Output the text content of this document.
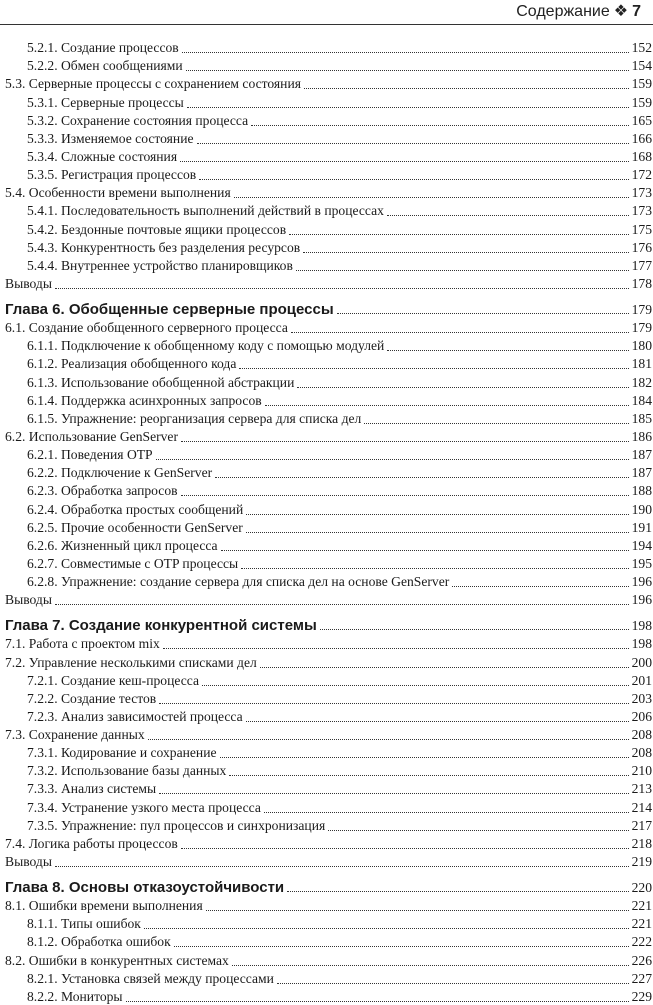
Содержание ❖ 7
5.2.1. Создание процессов	152
5.2.2. Обмен сообщениями	154
5.3. Серверные процессы с сохранением состояния	159
5.3.1. Серверные процессы	159
5.3.2. Сохранение состояния процесса	165
5.3.3. Изменяемое состояние	166
5.3.4. Сложные состояния	168
5.3.5. Регистрация процессов	172
5.4. Особенности времени выполнения	173
5.4.1. Последовательность выполнений действий в процессах	173
5.4.2. Бездонные почтовые ящики процессов	175
5.4.3. Конкурентность без разделения ресурсов	176
5.4.4. Внутреннее устройство планировщиков	177
Выводы	178
Глава 6. Обобщенные серверные процессы	179
6.1. Создание обобщенного серверного процесса	179
6.1.1. Подключение к обобщенному коду с помощью модулей	180
6.1.2. Реализация обобщенного кода	181
6.1.3. Использование обобщенной абстракции	182
6.1.4. Поддержка асинхронных запросов	184
6.1.5. Упражнение: реорганизация сервера для списка дел	185
6.2. Использование GenServer	186
6.2.1. Поведения OTP	187
6.2.2. Подключение к GenServer	187
6.2.3. Обработка запросов	188
6.2.4. Обработка простых сообщений	190
6.2.5. Прочие особенности GenServer	191
6.2.6. Жизненный цикл процесса	194
6.2.7. Совместимые с OTP процессы	195
6.2.8. Упражнение: создание сервера для списка дел на основе GenServer	196
Выводы	196
Глава 7. Создание конкурентной системы	198
7.1. Работа с проектом mix	198
7.2. Управление несколькими списками дел	200
7.2.1. Создание кеш-процесса	201
7.2.2. Создание тестов	203
7.2.3. Анализ зависимостей процесса	206
7.3. Сохранение данных	208
7.3.1. Кодирование и сохранение	208
7.3.2. Использование базы данных	210
7.3.3. Анализ системы	213
7.3.4. Устранение узкого места процесса	214
7.3.5. Упражнение: пул процессов и синхронизация	217
7.4. Логика работы процессов	218
Выводы	219
Глава 8. Основы отказоустойчивости	220
8.1. Ошибки времени выполнения	221
8.1.1. Типы ошибок	221
8.1.2. Обработка ошибок	222
8.2. Ошибки в конкурентных системах	226
8.2.1. Установка связей между процессами	227
8.2.2. Мониторы	229
